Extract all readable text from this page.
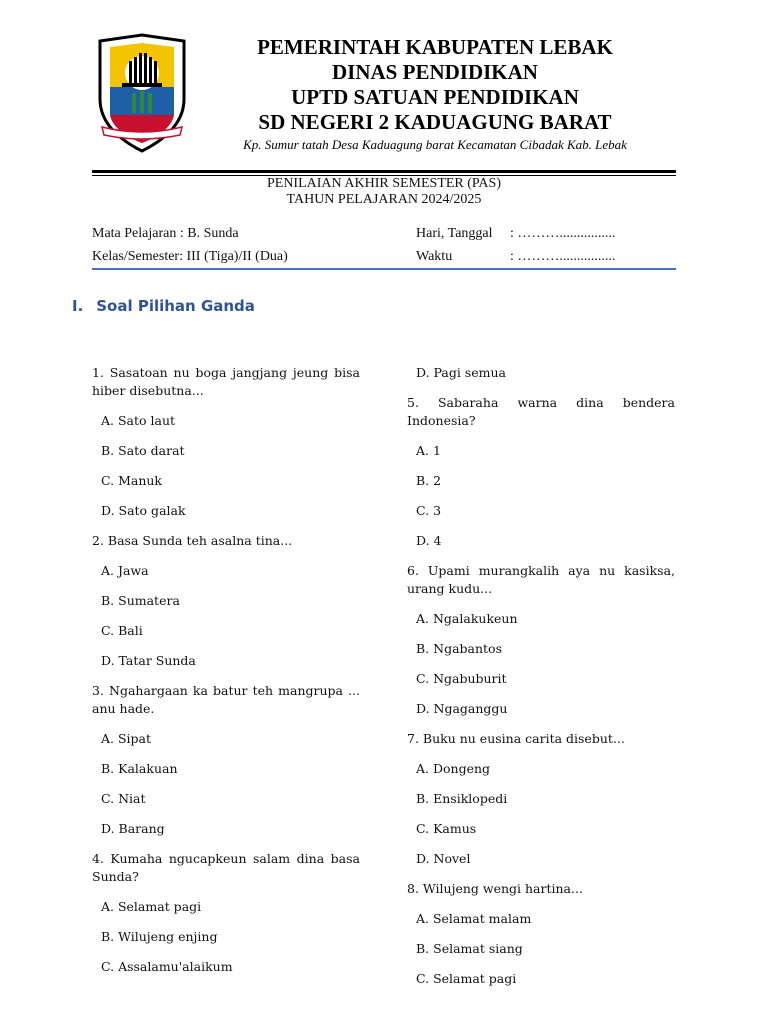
PEMERINTAH KABUPATEN LEBAK
DINAS PENDIDIKAN
UPTD SATUAN PENDIDIKAN
SD NEGERI 2 KADUAGUNG BARAT
Kp. Sumur tatah Desa Kaduagung barat Kecamatan Cibadak Kab. Lebak
PENILAIAN AKHIR SEMESTER (PAS)
TAHUN PELAJARAN 2024/2025
Mata Pelajaran : B. Sunda
Kelas/Semester: III (Tiga)/II (Dua)
Hari, Tanggal : ………................
Waktu	: ………................
I. Soal Pilihan Ganda
1. Sasatoan nu boga jangjang jeung bisa hiber disebutna...
A. Sato laut
B. Sato darat
C. Manuk
D. Sato galak
2. Basa Sunda teh asalna tina...
A. Jawa
B. Sumatera
C. Bali
D. Tatar Sunda
3. Ngahargaan ka batur teh mangrupa ... anu hade.
A. Sipat
B. Kalakuan
C. Niat
D. Barang
4. Kumaha ngucapkeun salam dina basa Sunda?
A. Selamat pagi
B. Wilujeng enjing
C. Assalamu'alaikum
D. Pagi semua
5. Sabaraha warna dina bendera Indonesia?
A. 1
B. 2
C. 3
D. 4
6. Upami murangkalih aya nu kasiksa, urang kudu...
A. Ngalakukeun
B. Ngabantos
C. Ngabuburit
D. Ngaganggu
7. Buku nu eusina carita disebut...
A. Dongeng
B. Ensiklopedi
C. Kamus
D. Novel
8. Wilujeng wengi hartina...
A. Selamat malam
B. Selamat siang
C. Selamat pagi
